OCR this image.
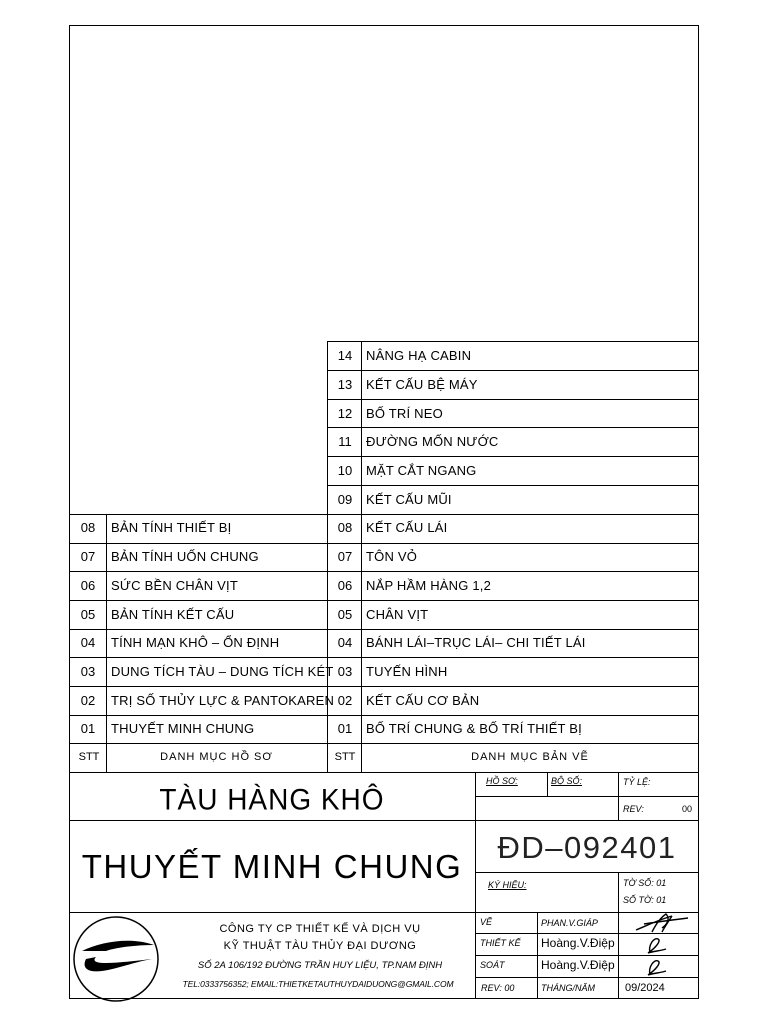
14	NÂNG HẠ CABIN
13	KẾT CẤU BỆ MÁY
12	BỐ TRÍ NEO
11	ĐƯỜNG MỐN NƯỚC
10	MẶT CẮT NGANG
09	KẾT CẤU MŨI
08	KẾT CẤU LÁI
07	TÔN VỎ
06	NẮP HẦM HÀNG 1,2
05	CHÂN VỊT
04	BÁNH LÁI–TRỤC LÁI– CHI TIẾT LÁI
03	TUYẾN HÌNH
02	KẾT CẤU CƠ BẢN
01	BỐ TRÍ CHUNG & BỐ TRÍ THIẾT BỊ
08	BẢN TÍNH THIẾT BỊ
07	BẢN TÍNH UỐN CHUNG
06	SỨC BỀN CHÂN VỊT
05	BẢN TÍNH KẾT CẤU
04	TÍNH MẠN KHÔ – ỔN ĐỊNH
03	DUNG TÍCH TÀU – DUNG TÍCH KÉT
02	TRỊ SỐ THỦY LỰC & PANTOKAREN
01	THUYẾT MINH CHUNG
STT	DANH MỤC HỒ SƠ	STT	DANH MỤC BẢN VẼ
TÀU HÀNG KHÔ
THUYẾT MINH CHUNG
ĐD–092401
HỒ SƠ:	BỘ SỐ:	TỶ LỆ:
REV:	00
KÝ HIỆU:	TỜ SỐ: 01
SỐ TỜ: 01
CÔNG TY CP THIẾT KẾ VÀ DỊCH VỤ
KỸ THUẬT TÀU THỦY ĐẠI DƯƠNG
SỐ 2A 106/192 ĐƯỜNG TRẦN HUY LIỆU, TP.NAM ĐỊNH
TEL:0333756352; EMAIL:THIETKETAUTHUYDAIDUONG@GMAIL.COM
VẼ	PHAN.V.GIÁP
THIẾT KẾ Hoàng.V.Điệp
SOÁT	Hoàng.V.Điệp
REV: 00	THÁNG/NĂM	09/2024
